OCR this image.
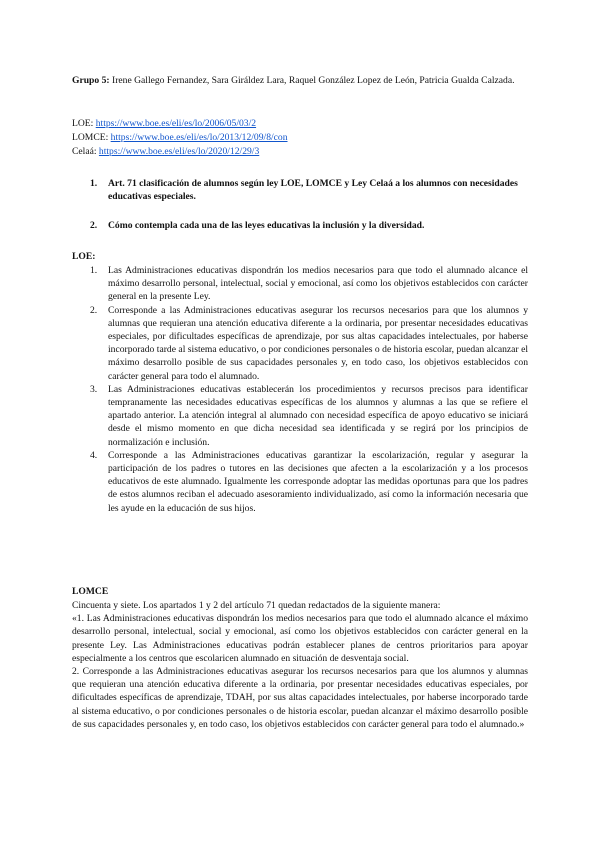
Grupo 5: Irene Gallego Fernandez, Sara Giráldez Lara, Raquel González Lopez de León, Patricia Gualda Calzada.
LOE: https://www.boe.es/eli/es/lo/2006/05/03/2
LOMCE: https://www.boe.es/eli/es/lo/2013/12/09/8/con
Celaá: https://www.boe.es/eli/es/lo/2020/12/29/3
1. Art. 71 clasificación de alumnos según ley LOE, LOMCE y Ley Celaá a los alumnos con necesidades educativas especiales.
2. Cómo contempla cada una de las leyes educativas la inclusión y la diversidad.
LOE:
1. Las Administraciones educativas dispondrán los medios necesarios para que todo el alumnado alcance el máximo desarrollo personal, intelectual, social y emocional, así como los objetivos establecidos con carácter general en la presente Ley.
2. Corresponde a las Administraciones educativas asegurar los recursos necesarios para que los alumnos y alumnas que requieran una atención educativa diferente a la ordinaria, por presentar necesidades educativas especiales, por dificultades específicas de aprendizaje, por sus altas capacidades intelectuales, por haberse incorporado tarde al sistema educativo, o por condiciones personales o de historia escolar, puedan alcanzar el máximo desarrollo posible de sus capacidades personales y, en todo caso, los objetivos establecidos con carácter general para todo el alumnado.
3. Las Administraciones educativas establecerán los procedimientos y recursos precisos para identificar tempranamente las necesidades educativas específicas de los alumnos y alumnas a las que se refiere el apartado anterior. La atención integral al alumnado con necesidad específica de apoyo educativo se iniciará desde el mismo momento en que dicha necesidad sea identificada y se regirá por los principios de normalización e inclusión.
4. Corresponde a las Administraciones educativas garantizar la escolarización, regular y asegurar la participación de los padres o tutores en las decisiones que afecten a la escolarización y a los procesos educativos de este alumnado. Igualmente les corresponde adoptar las medidas oportunas para que los padres de estos alumnos reciban el adecuado asesoramiento individualizado, así como la información necesaria que les ayude en la educación de sus hijos.
LOMCE

Cincuenta y siete. Los apartados 1 y 2 del artículo 71 quedan redactados de la siguiente manera:

«1. Las Administraciones educativas dispondrán los medios necesarios para que todo el alumnado alcance el máximo desarrollo personal, intelectual, social y emocional, así como los objetivos establecidos con carácter general en la presente Ley. Las Administraciones educativas podrán establecer planes de centros prioritarios para apoyar especialmente a los centros que escolaricen alumnado en situación de desventaja social.

2. Corresponde a las Administraciones educativas asegurar los recursos necesarios para que los alumnos y alumnas que requieran una atención educativa diferente a la ordinaria, por presentar necesidades educativas especiales, por dificultades específicas de aprendizaje, TDAH, por sus altas capacidades intelectuales, por haberse incorporado tarde al sistema educativo, o por condiciones personales o de historia escolar, puedan alcanzar el máximo desarrollo posible de sus capacidades personales y, en todo caso, los objetivos establecidos con carácter general para todo el alumnado.»
